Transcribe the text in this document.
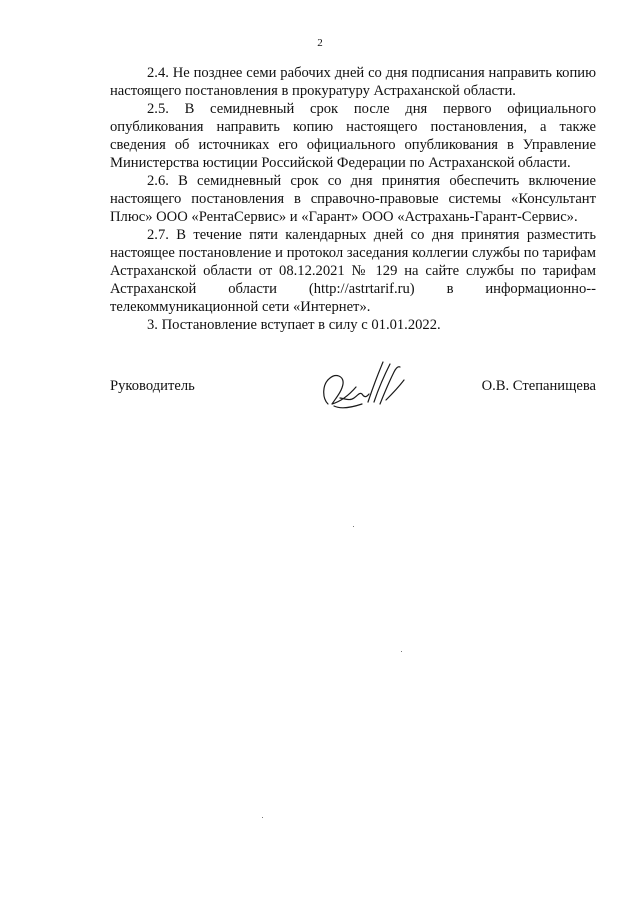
2

2.4. Не позднее семи рабочих дней со дня подписания направить копию настоящего постановления в прокуратуру Астраханской области.

2.5. В семидневный срок после дня первого официального опубликования направить копию настоящего постановления, а также сведения об источниках его официального опубликования в Управление Министерства юстиции Российской Федерации по Астраханской области.

2.6. В семидневный срок со дня принятия обеспечить включение настоящего постановления в справочно-правовые системы «Консультант Плюс» ООО «РентаСервис» и «Гарант» ООО «Астрахань-Гарант-Сервис».

2.7. В течение пяти календарных дней со дня принятия разместить настоящее постановление и протокол заседания коллегии службы по тарифам Астраханской области от 08.12.2021 № 129 на сайте службы по тарифам Астраханской области (http://astrtarif.ru) в информационно-телекоммуникационной сети «Интернет».

3. Постановление вступает в силу с 01.01.2022.

Руководитель	О.В. Степанищева
